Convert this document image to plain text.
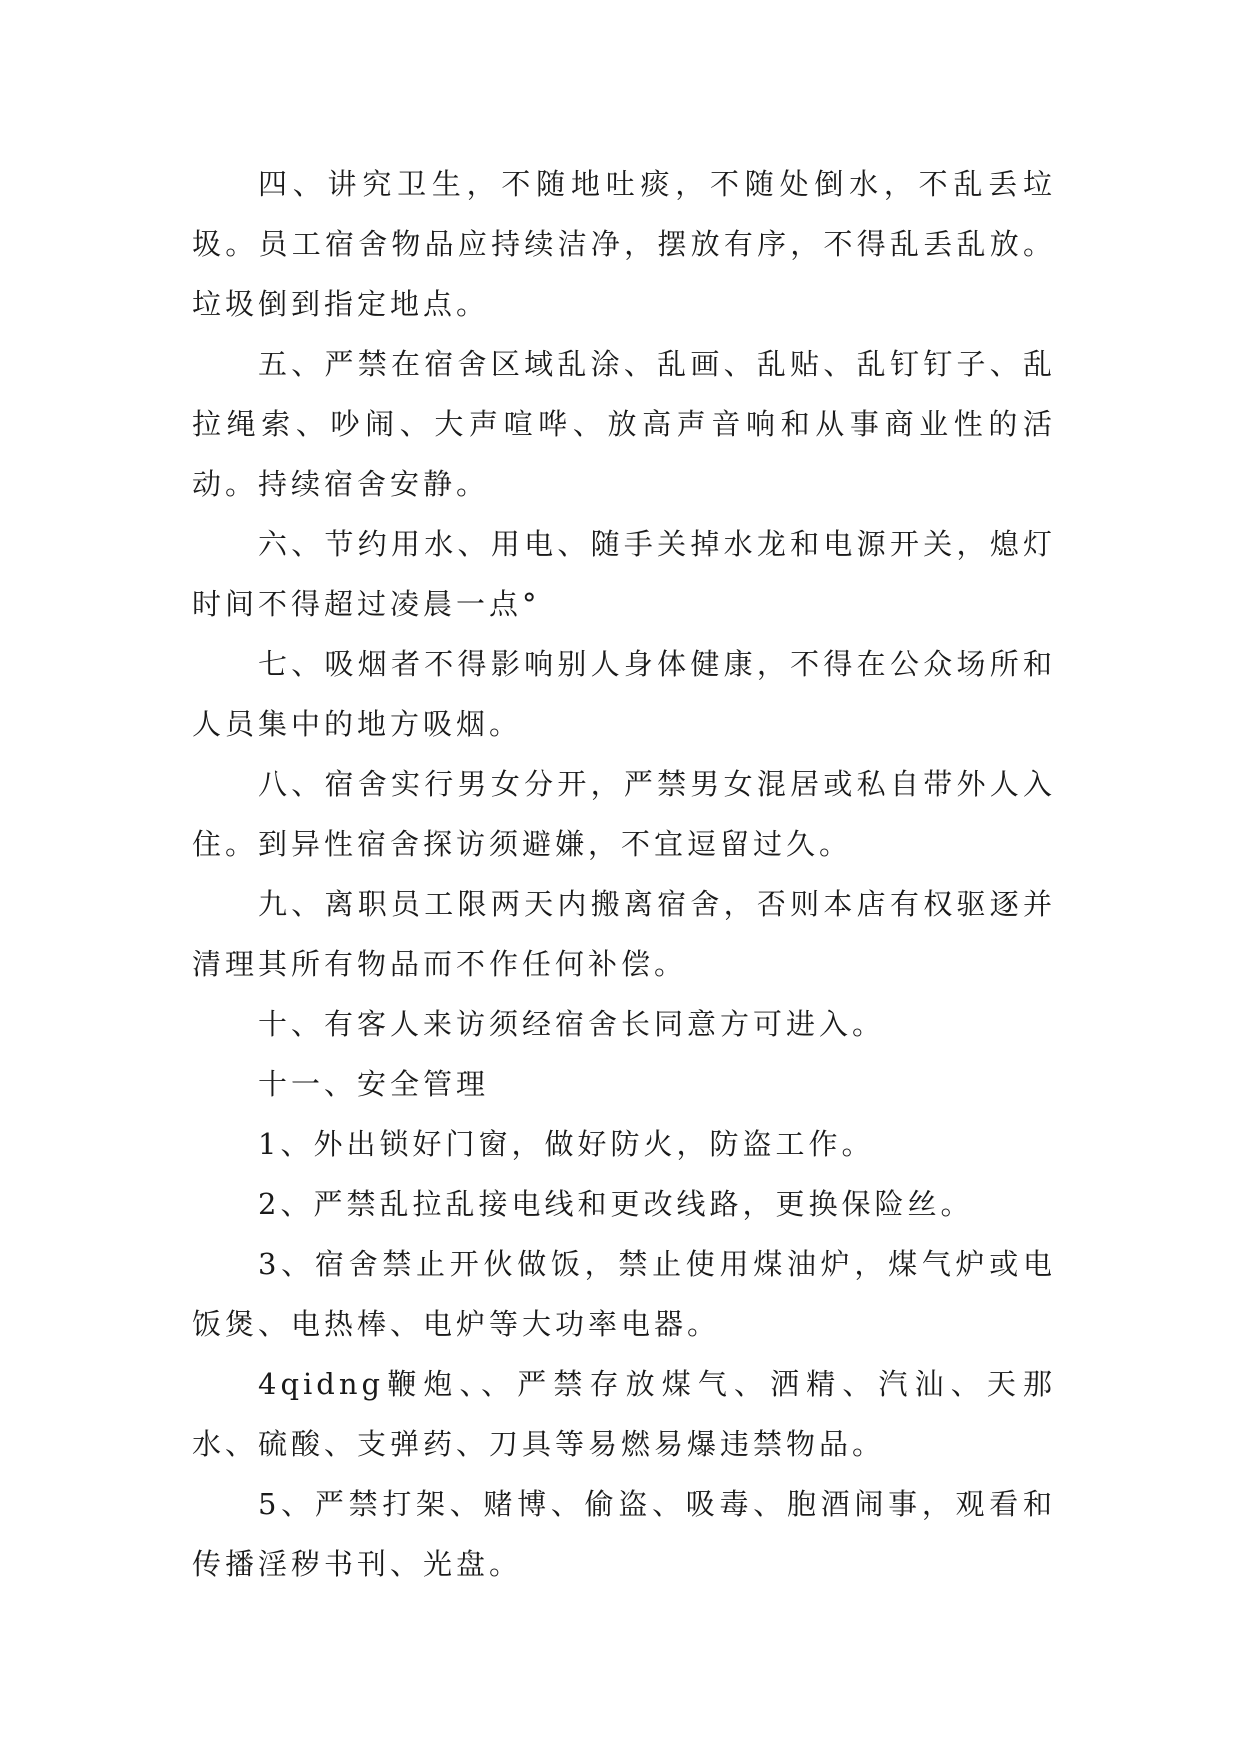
四、讲究卫生，不随地吐痰，不随处倒水，不乱丢垃圾。员工宿舍物品应持续洁净，摆放有序，不得乱丢乱放。垃圾倒到指定地点。

五、严禁在宿舍区域乱涂、乱画、乱贴、乱钉钉子、乱拉绳索、吵闹、大声喧哗、放高声音响和从事商业性的活动。持续宿舍安静。

六、节约用水、用电、随手关掉水龙和电源开关，熄灯时间不得超过凌晨一点°

七、吸烟者不得影响别人身体健康，不得在公众场所和人员集中的地方吸烟。

八、宿舍实行男女分开，严禁男女混居或私自带外人入住。到异性宿舍探访须避嫌，不宜逗留过久。

九、离职员工限两天内搬离宿舍，否则本店有权驱逐并清理其所有物品而不作任何补偿。

十、有客人来访须经宿舍长同意方可进入。

十一、安全管理

1、外出锁好门窗，做好防火，防盗工作。

2、严禁乱拉乱接电线和更改线路，更换保险丝。

3、宿舍禁止开伙做饭，禁止使用煤油炉，煤气炉或电饭煲、电热棒、电炉等大功率电器。

4qidng鞭炮、、严禁存放煤气、洒精、汽汕、天那水、硫酸、支弹药、刀具等易燃易爆违禁物品。

5、严禁打架、赌博、偷盗、吸毒、胞酒闹事，观看和传播淫秽书刊、光盘。
